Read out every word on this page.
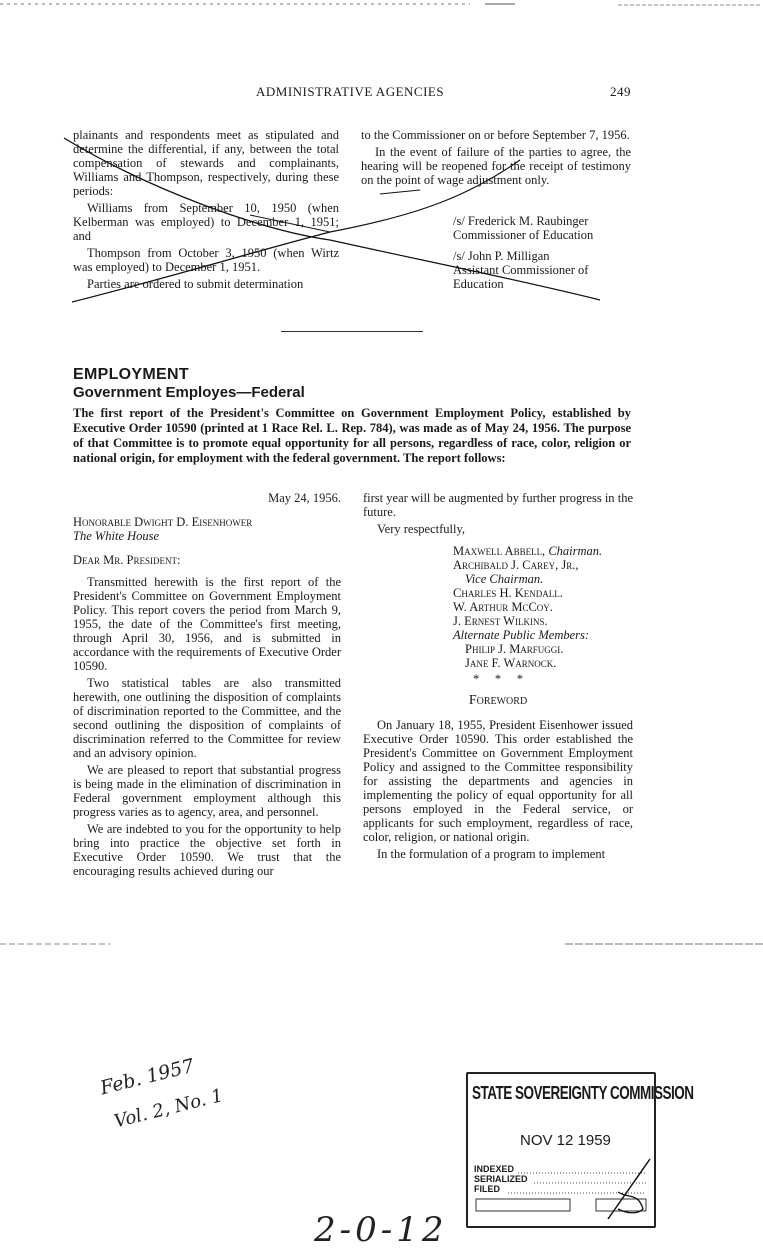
ADMINISTRATIVE AGENCIES	249

plainants and respondents meet as stipulated and determine the differential, if any, between the total compensation of stewards and complainants, Williams and Thompson, respectively, during these periods:

Williams from September 10, 1950 (when Kelberman was employed) to December 1, 1951; and

Thompson from October 3, 1950 (when Wirtz was employed) to December 1, 1951.

Parties are ordered to submit determination

to the Commissioner on or before September 7, 1956.

In the event of failure of the parties to agree, the hearing will be reopened for the receipt of testimony on the point of wage adjustment only.

/s/ Frederick M. Raubinger
Commissioner of Education
/s/ John P. Milligan
Assistant Commissioner of Education
EMPLOYMENT
Government Employes—Federal
The first report of the President's Committee on Government Employment Policy, established by Executive Order 10590 (printed at 1 Race Rel. L. Rep. 784), was made as of May 24, 1956. The purpose of that Committee is to promote equal opportunity for all persons, regardless of race, color, religion or national origin, for employment with the federal government. The report follows:
May 24, 1956.
Honorable Dwight D. Eisenhower
The White House
Dear Mr. President:

Transmitted herewith is the first report of the President's Committee on Government Employment Policy. This report covers the period from March 9, 1955, the date of the Committee's first meeting, through April 30, 1956, and is submitted in accordance with the requirements of Executive Order 10590.

Two statistical tables are also transmitted herewith, one outlining the disposition of complaints of discrimination reported to the Committee, and the second outlining the disposition of complaints of discrimination referred to the Committee for review and an advisory opinion.

We are pleased to report that substantial progress is being made in the elimination of discrimination in Federal government employment although this progress varies as to agency, area, and personnel.

We are indebted to you for the opportunity to help bring into practice the objective set forth in Executive Order 10590. We trust that the encouraging results achieved during our

first year will be augmented by further progress in the future.

Very respectfully,

Maxwell Abbell, Chairman.
Archibald J. Carey, Jr.,
Vice Chairman.
Charles H. Kendall.
W. Arthur McCoy.
J. Ernest Wilkins.
Alternate Public Members:
Philip J. Marfuggi.
Jane F. Warnock.
*     *     *
Foreword

On January 18, 1955, President Eisenhower issued Executive Order 10590. This order established the President's Committee on Government Employment Policy and assigned to the Committee responsibility for assisting the departments and agencies in implementing the policy of equal opportunity for all persons employed in the Federal service, or applicants for such employment, regardless of race, color, religion, or national origin.

In the formulation of a program to implement

Feb. 1957
Vol. 2, No. 1
2-0-12
STATE SOVEREIGNTY COMMISSION
NOV 12 1959
INDEXED
SERIALIZED
FILED
